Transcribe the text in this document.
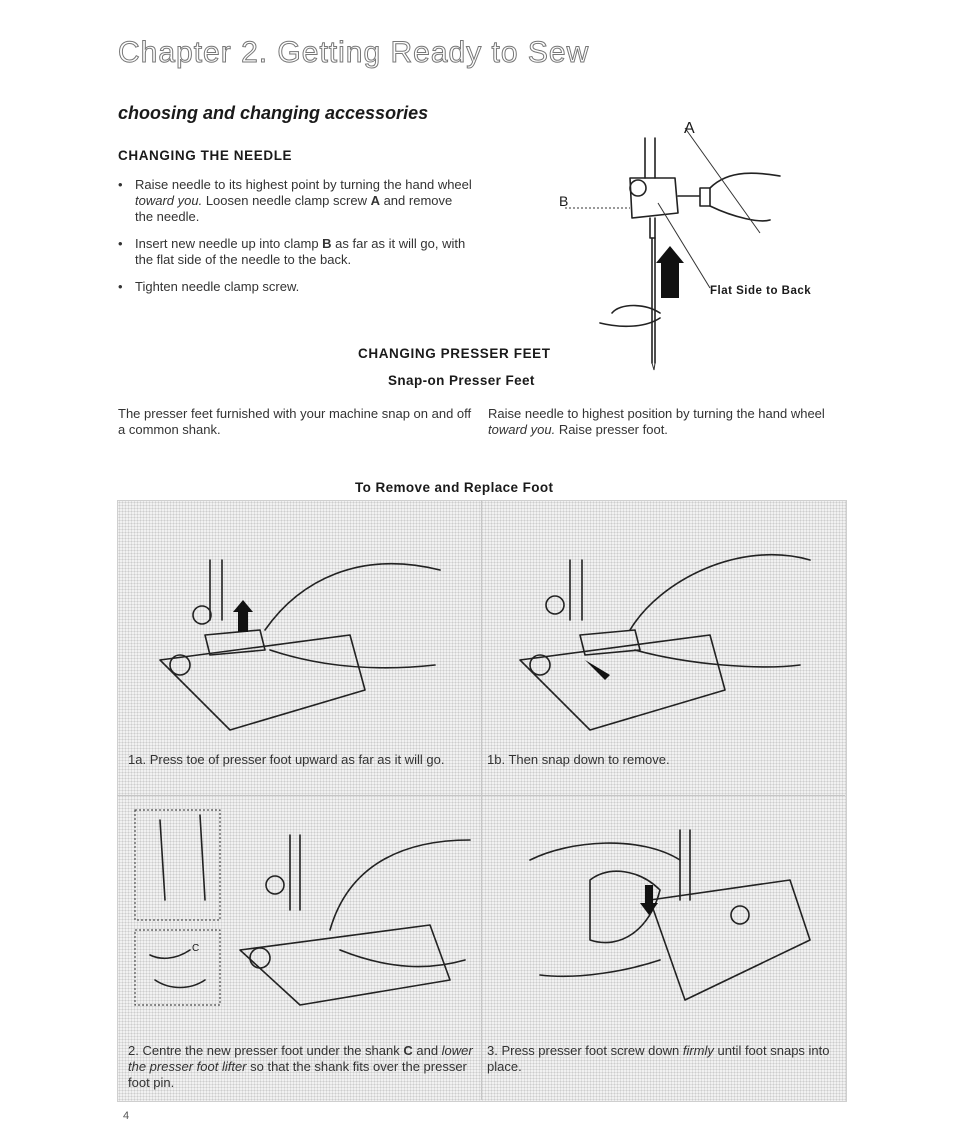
Chapter 2. Getting Ready to Sew
choosing and changing accessories
CHANGING THE NEEDLE
• Raise needle to its highest point by turning the hand wheel toward you. Loosen needle clamp screw A and remove the needle.
• Insert new needle up into clamp B as far as it will go, with the flat side of the needle to the back.
• Tighten needle clamp screw.
A
B
Flat Side to Back
CHANGING PRESSER FEET
Snap-on Presser Feet
The presser feet furnished with your machine snap on and off a common shank.
Raise needle to highest position by turning the hand wheel toward you. Raise presser foot.
To Remove and Replace Foot
C
1a. Press toe of presser foot upward as far as it will go.	1b. Then snap down to remove.
2. Centre the new presser foot under the shank C and lower the presser foot lifter so that the shank fits over the presser foot pin.
3. Press presser foot screw down firmly until foot snaps into place.
4
